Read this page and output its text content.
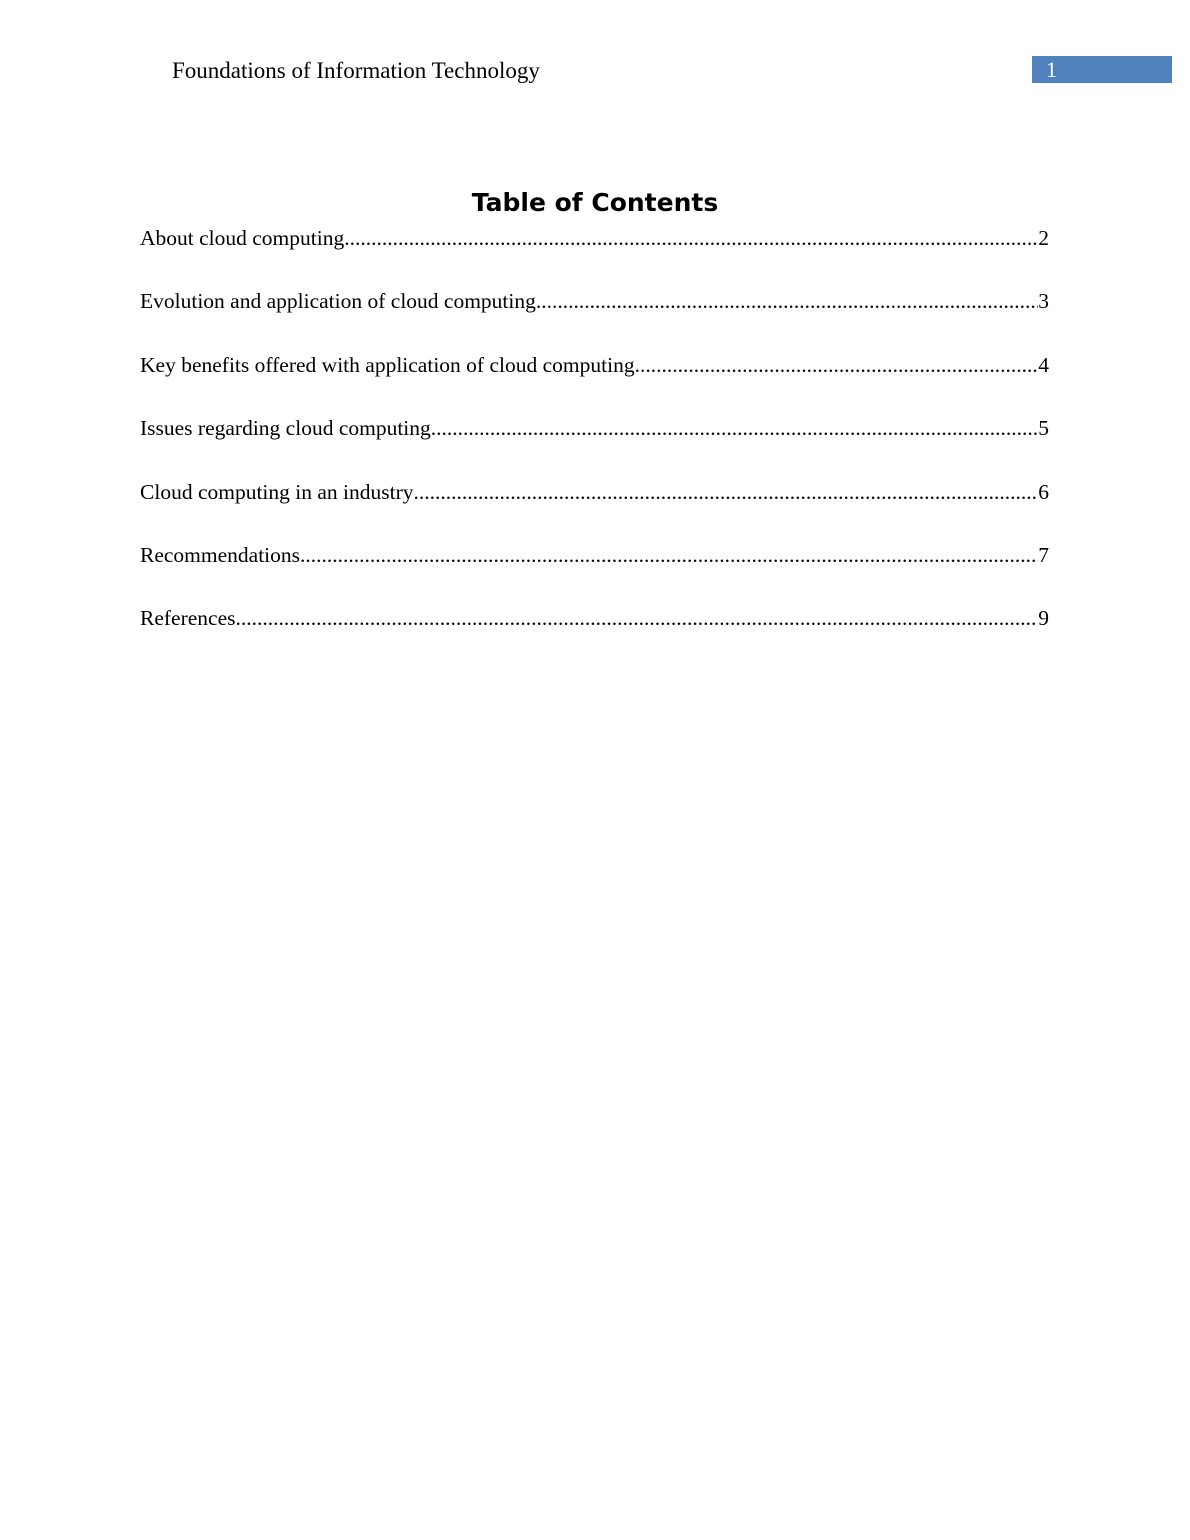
Foundations of Information Technology	1
Table of Contents
About cloud computing .....	2
Evolution and application of cloud computing .....	3
Key benefits offered with application of cloud computing .....	4
Issues regarding cloud computing .....	5
Cloud computing in an industry .....	6
Recommendations .....	7
References .....	9
